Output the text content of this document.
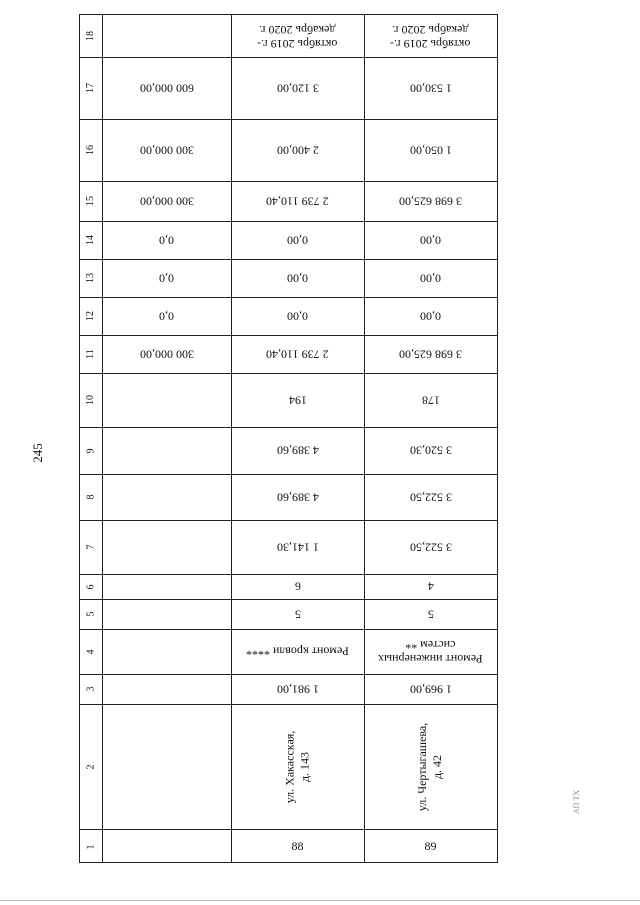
245
АП ТХ
18
17
16
15
14
13
12
11
10
9
8
7
6
5
4
3
2
1
600 000,00
300 000,00
300 000,00
0,0
0,0
0,0
300 000,00
октябрь 2019 г.-
декабрь 2020 г.
3 120,00
2 400,00
2 739 110,40
0,00
0,00
0,00
2 739 110,40
194
4 389,60
4 389,60
1 141,30
6
5
Ремонт кровли ****
1 981,00
ул. Хакасская,
д. 143
88
октябрь 2019 г.-
декабрь 2020 г.
1 530,00
1 050,00
3 698 625,00
0,00
0,00
0,00
3 698 625,00
178
3 520,30
3 522,50
3 522,50
4
5
Ремонт инженерных
систем **
1 969,00
ул. Чертыгашева,
д. 42
89
